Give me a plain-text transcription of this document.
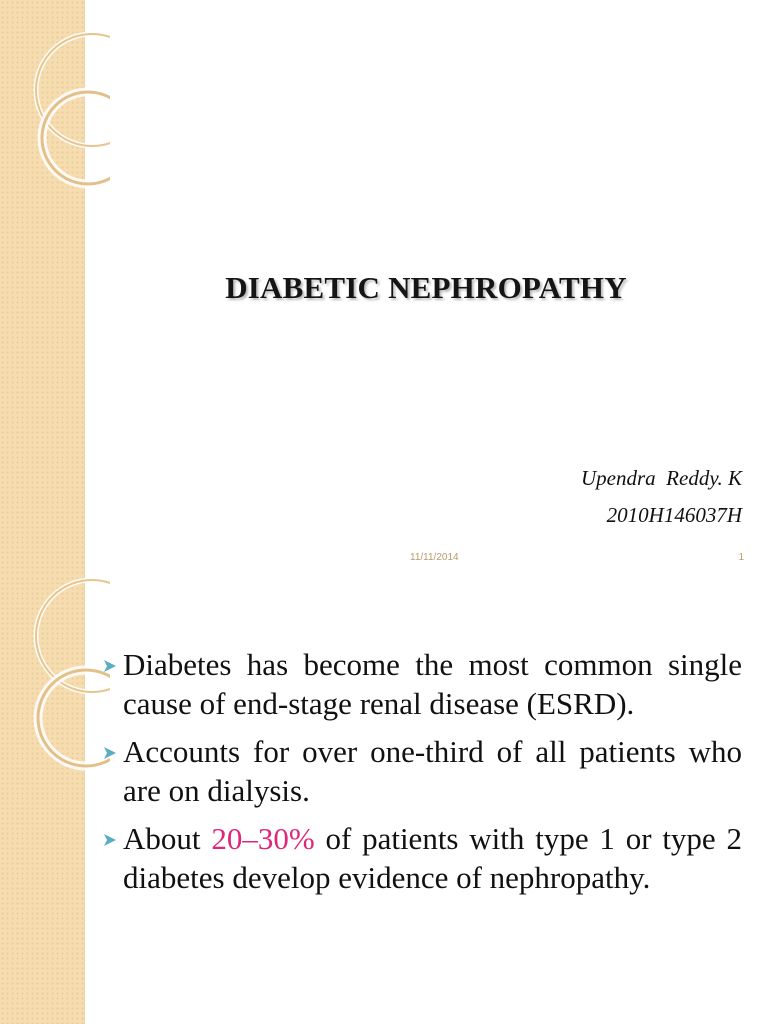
DIABETIC NEPHROPATHY
Upendra  Reddy. K
2010H146037H
11/11/2014	1
Diabetes has become the most common single cause of end-stage renal disease (ESRD).
Accounts for over one-third of all patients who are on dialysis.
About 20–30% of patients with type 1 or type 2 diabetes develop evidence of nephropathy.
